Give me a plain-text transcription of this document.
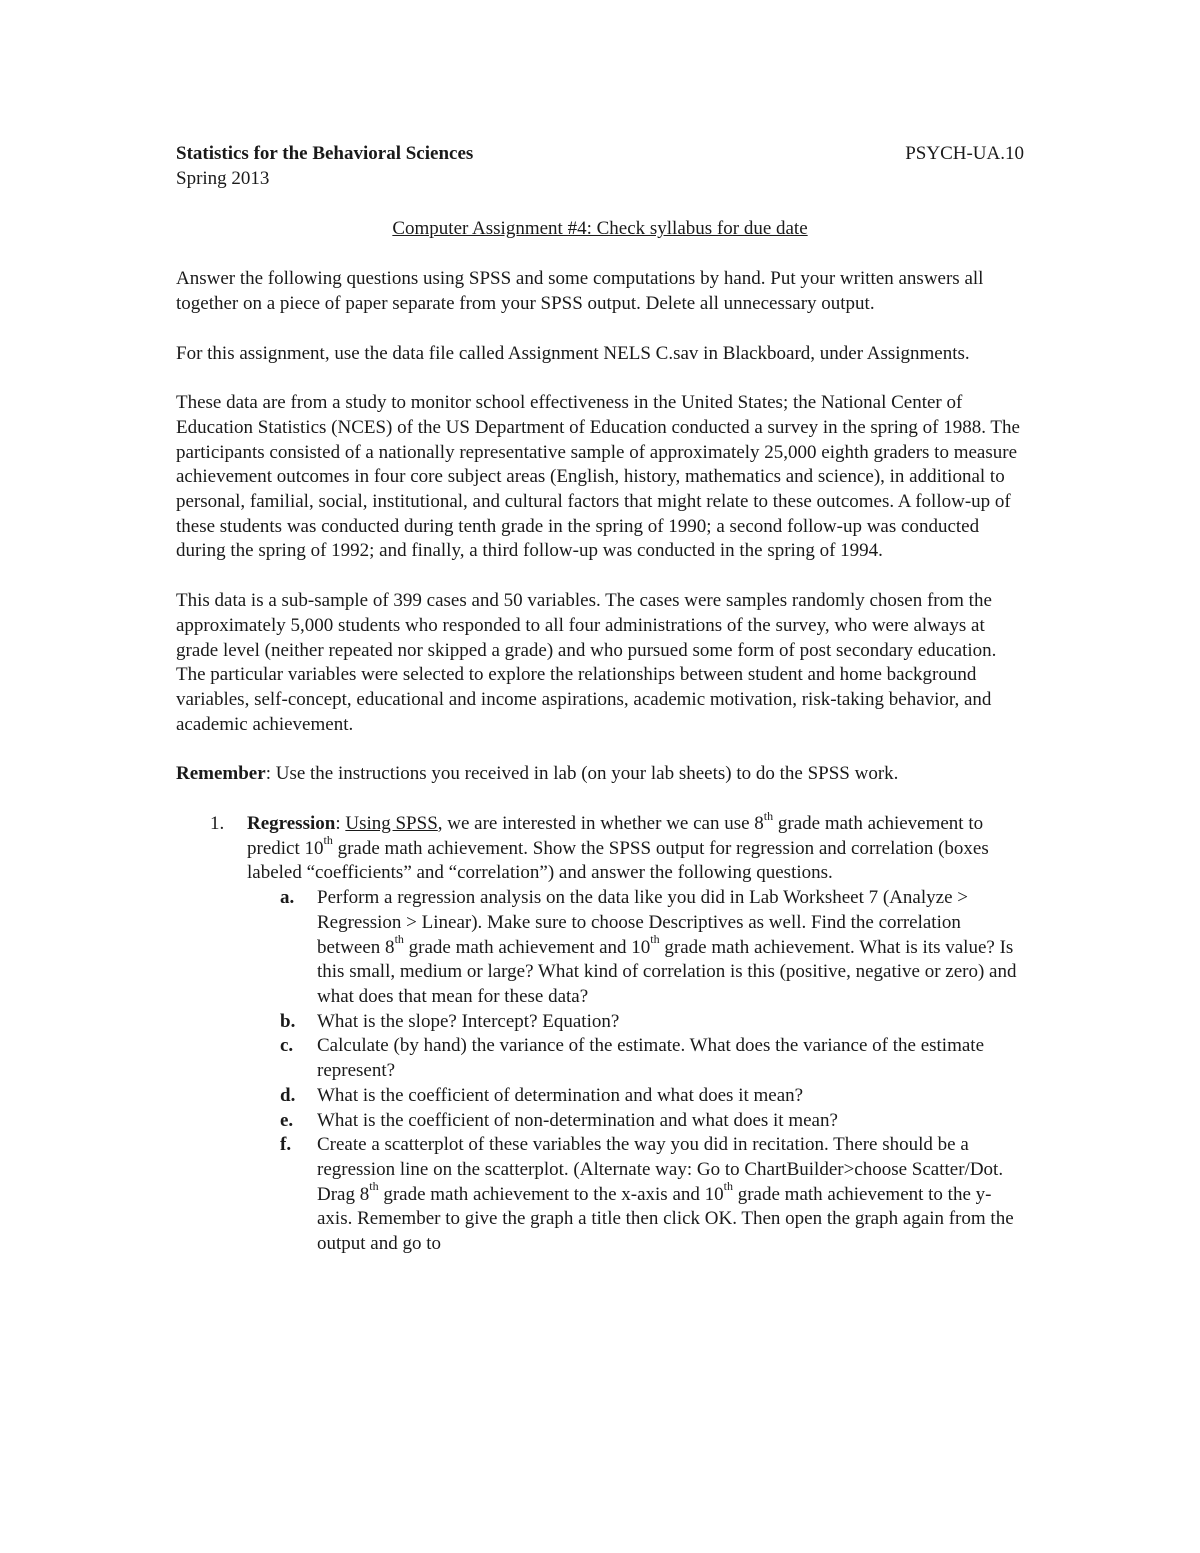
Statistics for the Behavioral Sciences	PSYCH-UA.10
Spring 2013
Computer Assignment #4: Check syllabus for due date

Answer the following questions using SPSS and some computations by hand. Put your written answers all together on a piece of paper separate from your SPSS output. Delete all unnecessary output.

For this assignment, use the data file called Assignment NELS C.sav in Blackboard, under Assignments.

These data are from a study to monitor school effectiveness in the United States; the National Center of Education Statistics (NCES) of the US Department of Education conducted a survey in the spring of 1988. The participants consisted of a nationally representative sample of approximately 25,000 eighth graders to measure achievement outcomes in four core subject areas (English, history, mathematics and science), in additional to personal, familial, social, institutional, and cultural factors that might relate to these outcomes. A follow-up of these students was conducted during tenth grade in the spring of 1990; a second follow-up was conducted during the spring of 1992; and finally, a third follow-up was conducted in the spring of 1994.

This data is a sub-sample of 399 cases and 50 variables. The cases were samples randomly chosen from the approximately 5,000 students who responded to all four administrations of the survey, who were always at grade level (neither repeated nor skipped a grade) and who pursued some form of post secondary education. The particular variables were selected to explore the relationships between student and home background variables, self-concept, educational and income aspirations, academic motivation, risk-taking behavior, and academic achievement.

Remember: Use the instructions you received in lab (on your lab sheets) to do the SPSS work.

1.	Regression: Using SPSS, we are interested in whether we can use 8th grade math achievement to predict 10th grade math achievement. Show the SPSS output for regression and correlation (boxes labeled “coefficients” and “correlation”) and answer the following questions.

a.	Perform a regression analysis on the data like you did in Lab Worksheet 7 (Analyze > Regression > Linear). Make sure to choose Descriptives as well. Find the correlation between 8th grade math achievement and 10th grade math achievement. What is its value? Is this small, medium or large? What kind of correlation is this (positive, negative or zero) and what does that mean for these data?
b.	What is the slope? Intercept? Equation?
c.	Calculate (by hand) the variance of the estimate. What does the variance of the estimate represent?
d.	What is the coefficient of determination and what does it mean?
e.	What is the coefficient of non-determination and what does it mean?
f.	Create a scatterplot of these variables the way you did in recitation. There should be a regression line on the scatterplot. (Alternate way: Go to ChartBuilder>choose Scatter/Dot. Drag 8th grade math achievement to the x-axis and 10th grade math achievement to the y-axis. Remember to give the graph a title then click OK. Then open the graph again from the output and go to
